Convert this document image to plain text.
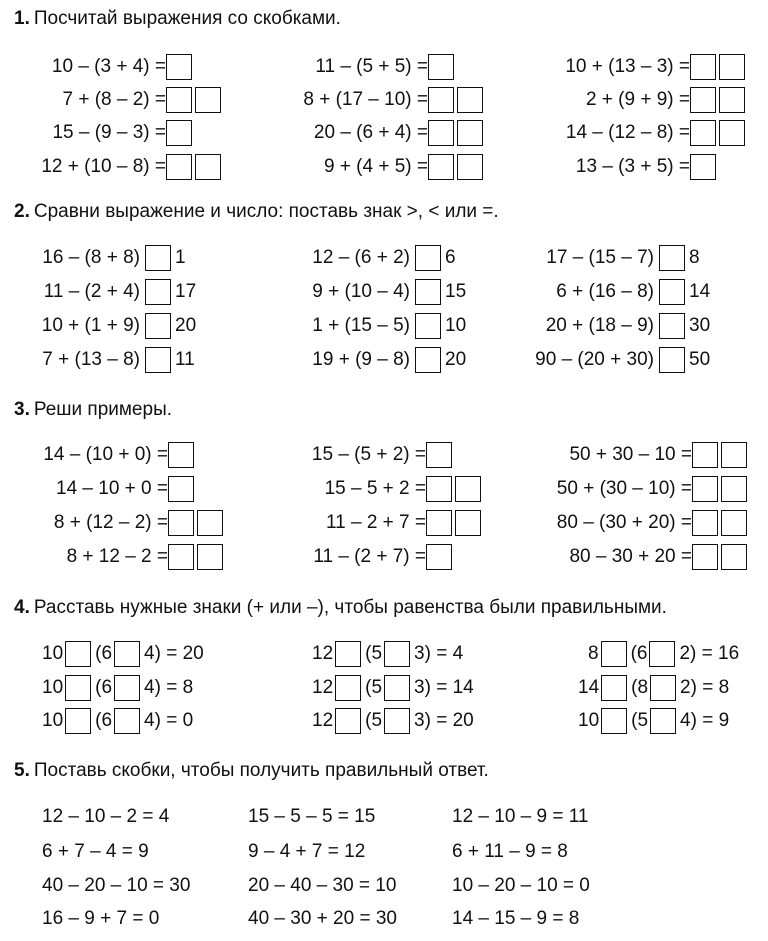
1. Посчитай выражения со скобками.
10 – (3 + 4) =	11 – (5 + 5) =	10 + (13 – 3) =
7 + (8 – 2) =	8 + (17 – 10) =	2 + (9 + 9) =
15 – (9 – 3) =	20 – (6 + 4) =	14 – (12 – 8) =
12 + (10 – 8) =	9 + (4 + 5) =	13 – (3 + 5) =
2. Сравни выражение и число: поставь знак >, < или =.
16 – (8 + 8) 1	12 – (6 + 2) 6	17 – (15 – 7) 8
11 – (2 + 4) 17	9 + (10 – 4) 15	6 + (16 – 8) 14
10 + (1 + 9) 20	1 + (15 – 5) 10	20 + (18 – 9) 30
7 + (13 – 8) 11	19 + (9 – 8) 20	90 – (20 + 30) 50
3. Реши примеры.
14 – (10 + 0) =	15 – (5 + 2) =	50 + 30 – 10 =
14 – 10 + 0 =	15 – 5 + 2 =	50 + (30 – 10) =
8 + (12 – 2) =	11 – 2 + 7 =	80 – (30 + 20) =
8 + 12 – 2 =	11 – (2 + 7) =	80 – 30 + 20 =
4. Расставь нужные знаки (+ или –), чтобы равенства были правильными.
10 (6 4) = 20	12 (5 3) = 4	8 (6 2) = 16
10 (6 4) = 8	12 (5 3) = 14	14 (8 2) = 8
10 (6 4) = 0	12 (5 3) = 20	10 (5 4) = 9
5. Поставь скобки, чтобы получить правильный ответ.
12 – 10 – 2 = 4	15 – 5 – 5 = 15	12 – 10 – 9 = 11
6 + 7 – 4 = 9	9 – 4 + 7 = 12	6 + 11 – 9 = 8
40 – 20 – 10 = 30	20 – 40 – 30 = 10	10 – 20 – 10 = 0
16 – 9 + 7 = 0	40 – 30 + 20 = 30	14 – 15 – 9 = 8
